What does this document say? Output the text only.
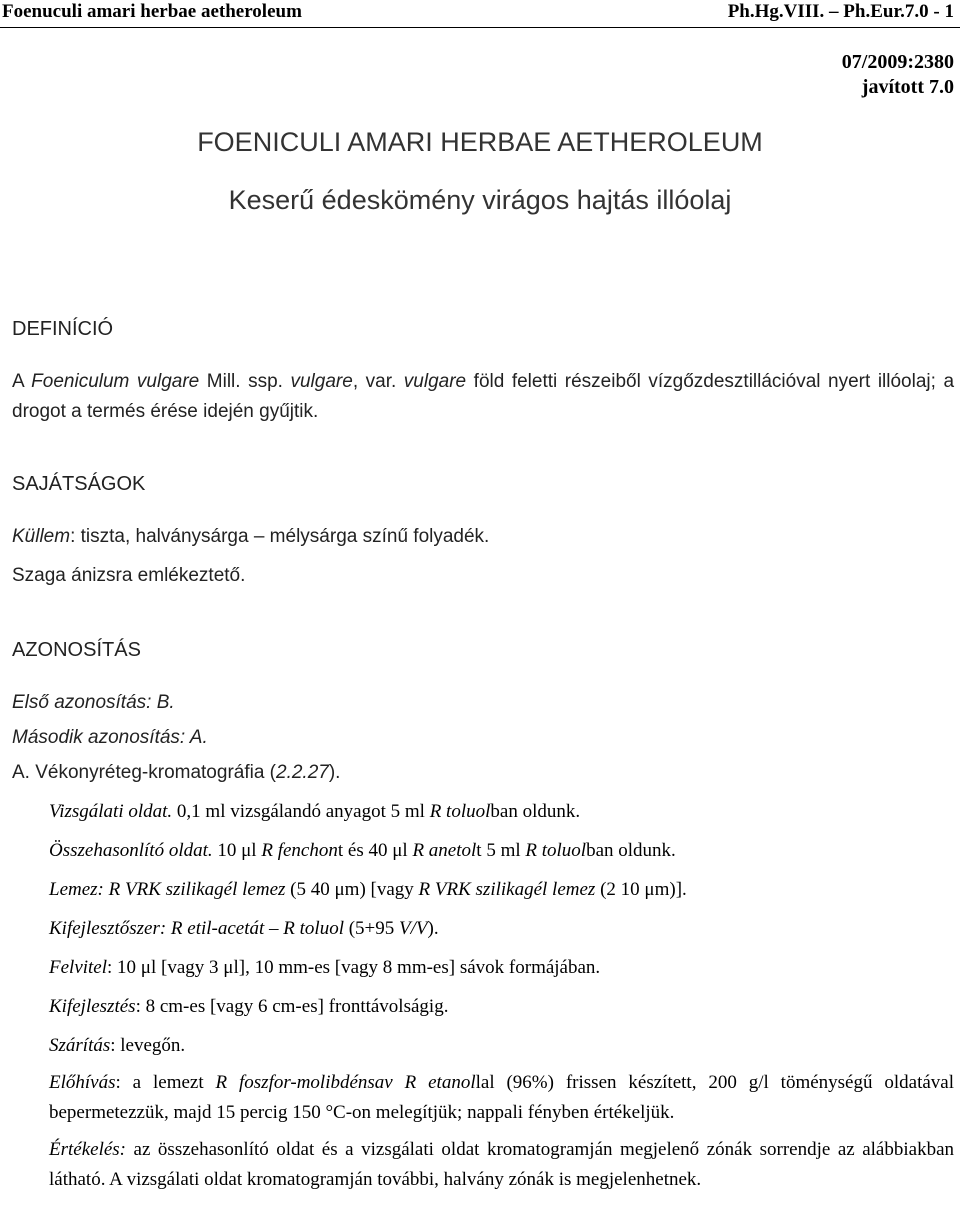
Foenuculi amari herbae aetheroleum	Ph.Hg.VIII. – Ph.Eur.7.0 - 1
07/2009:2380
javított 7.0
FOENICULI AMARI HERBAE AETHEROLEUM
Keserű édeskömény virágos hajtás illóolaj
DEFINÍCIÓ
A Foeniculum vulgare Mill. ssp. vulgare, var. vulgare föld feletti részeiből vízgőzdesztillációval nyert illóolaj; a drogot a termés érése idején gyűjtik.
SAJÁTSÁGOK
Küllem: tiszta, halványsárga – mélysárga színű folyadék.
Szaga ánizsra emlékeztető.
AZONOSÍTÁS
Első azonosítás: B.
Második azonosítás: A.
A. Vékonyréteg-kromatográfia (2.2.27).
Vizsgálati oldat. 0,1 ml vizsgálandó anyagot 5 ml R toluolban oldunk.
Összehasonlító oldat. 10 μl R fenchont és 40 μl R anetolt 5 ml R toluolban oldunk.
Lemez: R VRK szilikagél lemez (5 40 μm) [vagy R VRK szilikagél lemez (2 10 μm)].
Kifejlesztőszer: R etil-acetát – R toluol (5+95 V/V).
Felvitel: 10 μl [vagy 3 μl], 10 mm-es [vagy 8 mm-es] sávok formájában.
Kifejlesztés: 8 cm-es [vagy 6 cm-es] fronttávolságig.
Szárítás: levegőn.
Előhívás: a lemezt R foszfor-molibdénsav R etanollal (96%) frissen készített, 200 g/l töménységű oldatával bepermetezzük, majd 15 percig 150 °C-on melegítjük; nappali fényben értékeljük.
Értékelés: az összehasonlító oldat és a vizsgálati oldat kromatogramján megjelenő zónák sorrendje az alábbiakban látható. A vizsgálati oldat kromatogramján további, halvány zónák is megjelenhetnek.
